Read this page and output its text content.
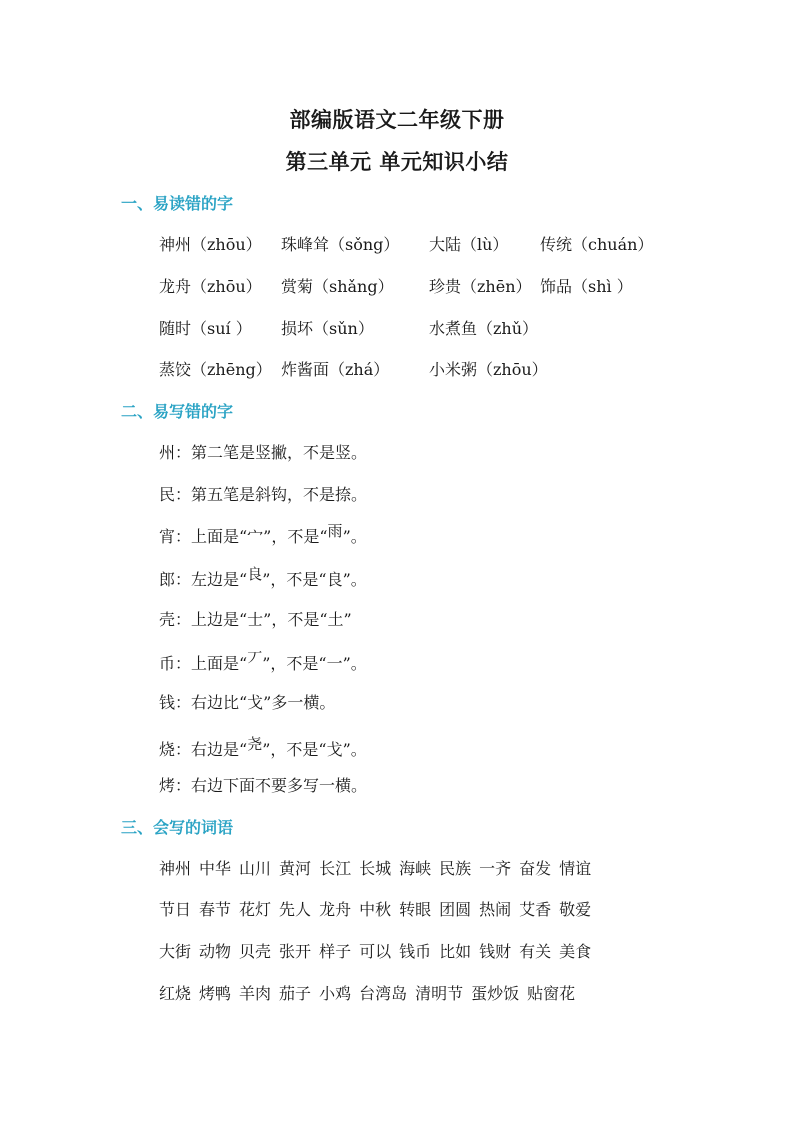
部编版语文二年级下册
第三单元 单元知识小结
一、易读错的字
神州（zhōu） 珠峰耸（sǒng） 大陆（lù） 传统（chuán）
龙舟（zhōu） 赏菊（shǎng） 珍贵（zhēn） 饰品（shì ）
随时（suí ） 损坏（sǔn）	水煮鱼（zhǔ）
蒸饺（zhēng） 炸酱面（zhá） 小米粥（zhōu）
二、易写错的字
州：第二笔是竖撇，不是竖。
民：第五笔是斜钩，不是捺。
宵：上面是“宀”，不是“雨”。
郎：左边是“良”，不是“良”。
壳：上边是“士”，不是“土”
币：上面是“丆”，不是“一”。
钱：右边比“戈”多一横。
烧：右边是“尧”，不是“戈”。
烤：右边下面不要多写一横。
三、会写的词语
神州 中华 山川 黄河 长江 长城 海峡 民族 一齐 奋发 情谊
节日 春节 花灯 先人 龙舟 中秋 转眼 团圆 热闹 艾香 敬爱
大街 动物 贝壳 张开 样子 可以 钱币 比如 钱财 有关 美食
红烧 烤鸭 羊肉 茄子 小鸡 台湾岛 清明节 蛋炒饭 贴窗花
